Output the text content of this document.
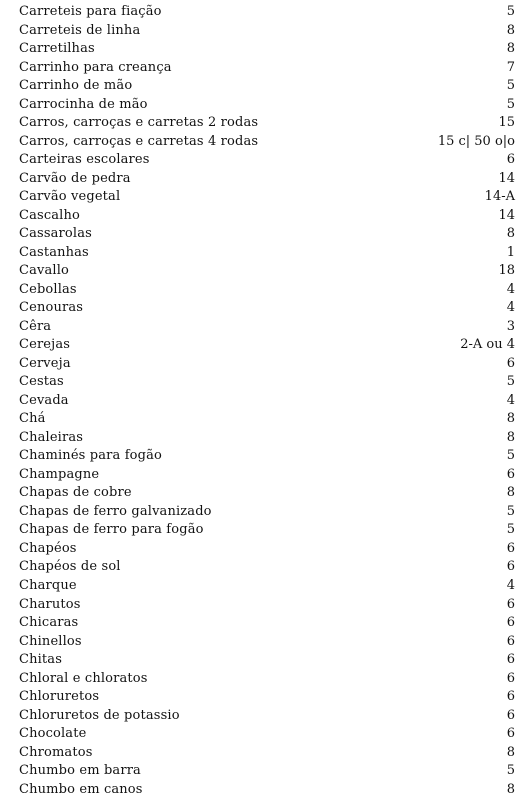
Carreteis para fiação	5
Carreteis de linha	8
Carretilhas	8
Carrinho para creança	7
Carrinho de mão	5
Carrocinha de mão	5
Carros, carroças e carretas 2 rodas	15
Carros, carroças e carretas 4 rodas	15 c| 50 o|o
Carteiras escolares	6
Carvão de pedra	14
Carvão vegetal	14-A
Cascalho	14
Cassarolas	8
Castanhas	1
Cavallo	18
Cebollas	4
Cenouras	4
Cêra	3
Cerejas	2-A ou 4
Cerveja	6
Cestas	5
Cevada	4
Chá	8
Chaleiras	8
Chaminés para fogão	5
Champagne	6
Chapas de cobre	8
Chapas de ferro galvanizado	5
Chapas de ferro para fogão	5
Chapéos	6
Chapéos de sol	6
Charque	4
Charutos	6
Chicaras	6
Chinellos	6
Chitas	6
Chloral e chloratos	6
Chloruretos	6
Chloruretos de potassio	6
Chocolate	6
Chromatos	8
Chumbo em barra	5
Chumbo em canos	8
